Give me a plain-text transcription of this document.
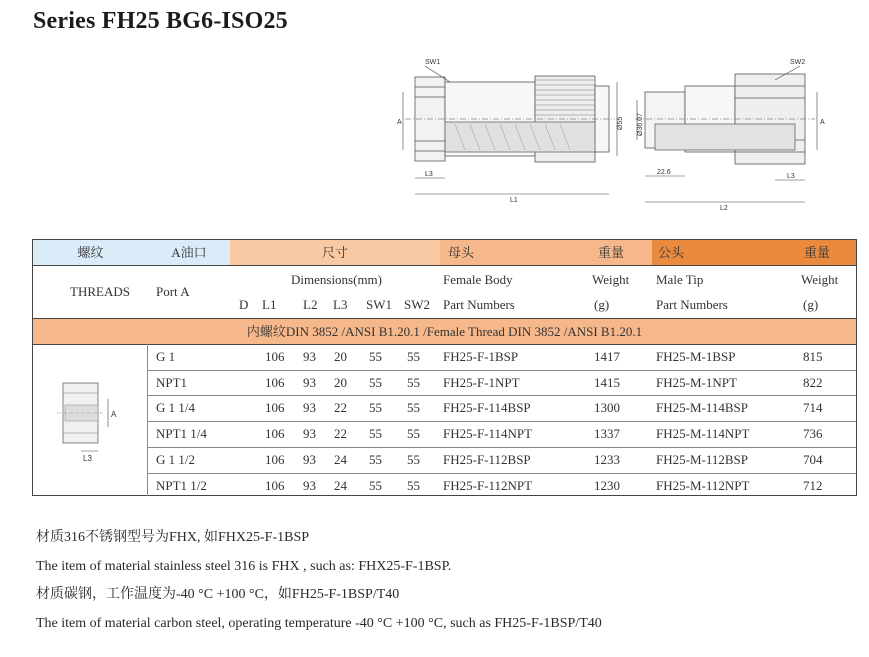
Series FH25 BG6-ISO25
SW1	SW2
A	A
Ø55 Ø36.07
L3
L1
22.6
L3
L2
螺纹	A油口	尺寸	母头	重量	公头	重量
THREADS Port A
Dimensions(mm)	Female Body	Weight Male Tip	Weight
D L1 L2 L3 SW1 SW2 Part Numbers	(g)	Part Numbers	(g)
内螺纹DIN 3852 /ANSI B1.20.1 /Female Thread DIN 3852 /ANSI B1.20.1
A
L3
G 1	106 93 20 55 55 FH25-F-1BSP	1417	FH25-M-1BSP	815
NPT1	106 93 20 55 55 FH25-F-1NPT	1415	FH25-M-1NPT	822
G 1 1/4	106 93 22 55 55 FH25-F-114BSP	1300	FH25-M-114BSP	714
NPT1 1/4	106 93 22 55 55 FH25-F-114NPT	1337	FH25-M-114NPT	736
G 1 1/2	106 93 24 55 55 FH25-F-112BSP	1233	FH25-M-112BSP	704
NPT1 1/2	106 93 24 55 55 FH25-F-112NPT	1230	FH25-M-112NPT	712
材质316不锈钢型号为FHX, 如FHX25-F-1BSP
The item of material stainless steel 316 is FHX , such as: FHX25-F-1BSP.
材质碳钢，工作温度为-40 °C +100 °C，如FH25-F-1BSP/T40
The item of material carbon steel, operating temperature -40 °C +100 °C, such as FH25-F-1BSP/T40
